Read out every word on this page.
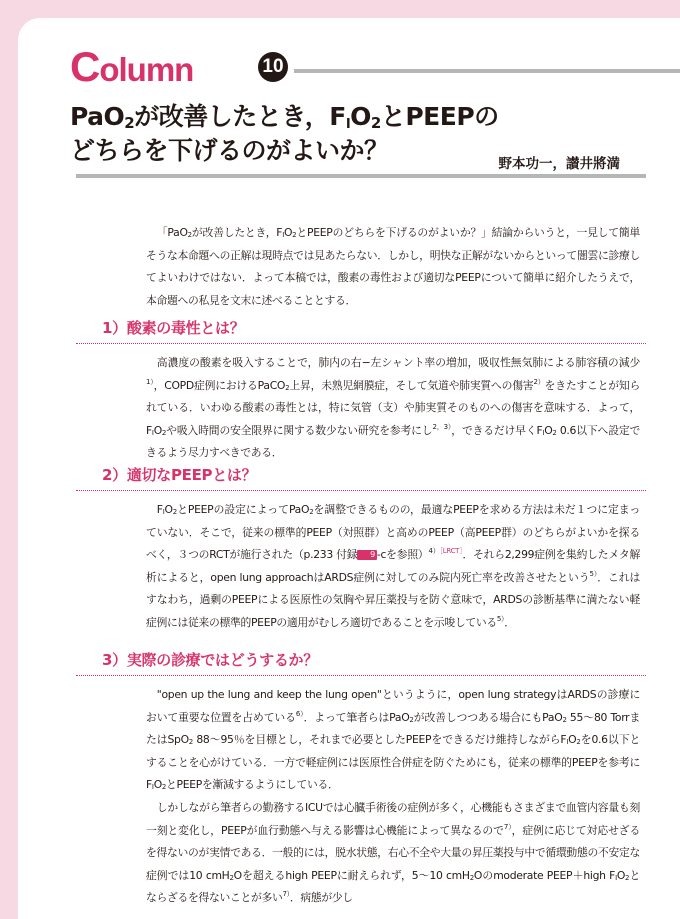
Column	10
PaO$_2$が改善したとき，$F_IO_2$とPEEPの
どちらを下げるのがよいか？	野本功一，讃井將満

「PaO$_2$が改善したとき，$F_IO_2$とPEEPのどちらを下げるのがよいか？」結論からいうと，一見して簡単そうな本命題への正解は現時点では見あたらない．しかし，明快な正解がないからといって闇雲に診療してよいわけではない．よって本稿では，酸素の毒性および適切なPEEPについて簡単に紹介したうえで，本命題への私見を文末に述べることとする．

1）酸素の毒性とは？

高濃度の酸素を吸入することで，肺内の右−左シャント率の増加，吸収性無気肺による肺容積の減少$^{1)}$，COPD症例におけるPaCO$_2$上昇，未熟児網膜症，そして気道や肺実質への傷害$^{2)}$をきたすことが知られている．いわゆる酸素の毒性とは，特に気管（支）や肺実質そのものへの傷害を意味する．よって，$F_IO_2$や吸入時間の安全限界に関する数少ない研究を参考にし$^{2,3)}$，できるだけ早く$F_IO_2$ 0.6以下へ設定できるよう尽力すべきである．

2）適切なPEEPとは？

$F_IO_2$とPEEPの設定によってPaO$_2$を調整できるものの，最適なPEEPを求める方法は未だ１つに定まっていない．そこで，従来の標準的PEEP（対照群）と高めのPEEP（高PEEP群）のどちらがよいかを探るべく，３つのRCTが施行された（p.233 付録 9 -cを参照）$^{4)[LRCT]}$．それら2,299症例を集約したメタ解析によると，open lung approachはARDS症例に対してのみ院内死亡率を改善させたという$^{5)}$．これはすなわち，過剰のPEEPによる医原性の気胸や昇圧薬投与を防ぐ意味で，ARDSの診断基準に満たない軽症例には従来の標準的PEEPの適用がむしろ適切であることを示唆している$^{5)}$．

3）実際の診療ではどうするか？

"open up the lung and keep the lung open"というように，open lung strategyはARDSの診療において重要な位置を占めている$^{6)}$．よって筆者らはPaO$_2$が改善しつつある場合にもPaO$_2$ 55〜80 TorrまたはSpO$_2$ 88〜95％を目標とし，それまで必要としたPEEPをできるだけ維持しながら$F_IO_2$を0.6以下とすることを心がけている．一方で軽症例には医原性合併症を防ぐためにも，従来の標準的PEEPを参考に$F_IO_2$とPEEPを漸減するようにしている．

しかしながら筆者らの勤務するICUでは心臓手術後の症例が多く，心機能もさまざまで血管内容量も刻一刻と変化し，PEEPが血行動態へ与える影響は心機能によって異なるので$^{7)}$，症例に応じて対応せざるを得ないのが実情である．一般的には，脱水状態，右心不全や大量の昇圧薬投与中で循環動態の不安定な症例では10 cmH$_2$Oを超えるhigh PEEPに耐えられず，5〜10 cmH$_2$Oのmoderate PEEP＋high $F_IO_2$とならざるを得ないことが多い$^{7)}$．病態が少し
